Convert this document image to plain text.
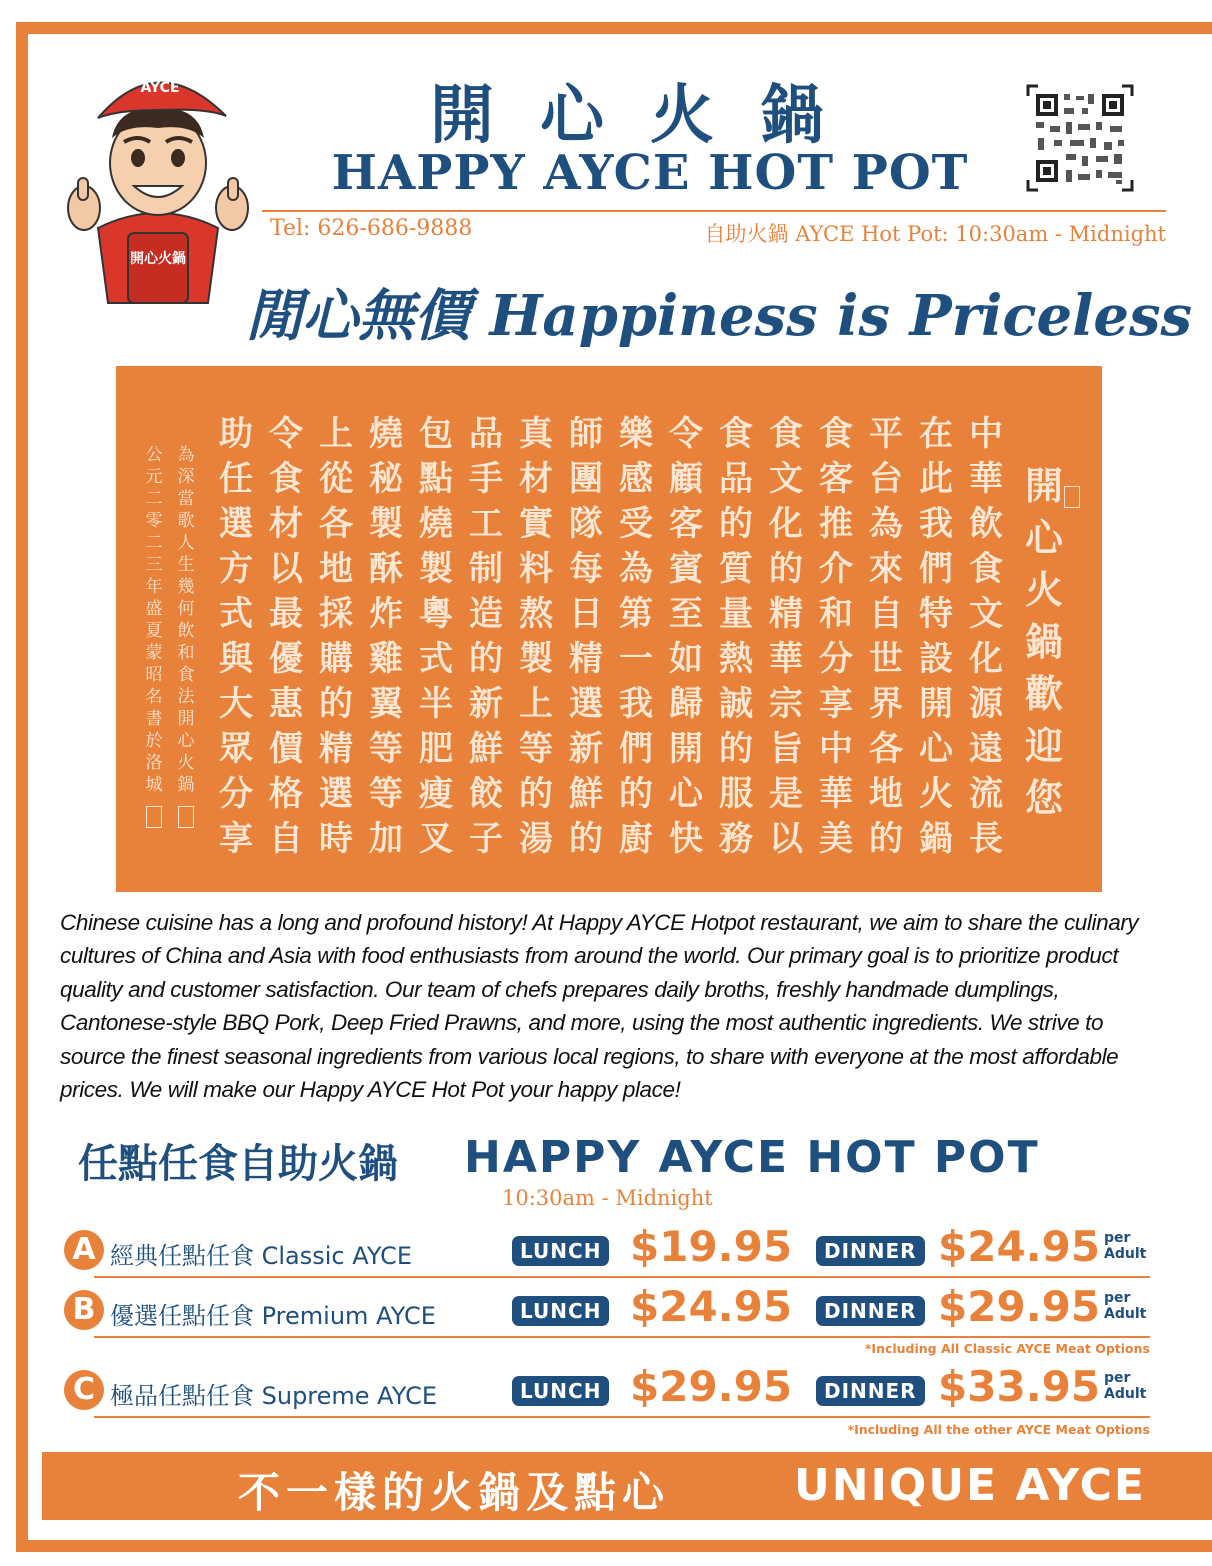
開心火鍋
AYCE	開心火鍋
HAPPY AYCE HOT POT
Tel: 626-686-9888	自助火鍋 AYCE Hot Pot: 10:30am - Midnight
閒心無價 Happiness is Priceless
開心火鍋歡迎您
中華飲食文化源遠流長
在此我們特設開心火鍋
平台為來自世界各地的
食客推介和分享中華美
食文化的精華宗旨是以
食品的質量熱誠的服務
令顧客賓至如歸開心快
樂感受為第一我們的廚
師團隊每日精選新鮮的
真材實料熬製上等的湯
品手工制造的新鮮餃子
包點燒製粵式半肥瘦叉
燒秘製酥炸雞翼等等加
上從各地採購的精選時
令食材以最優惠價格自
助任選方式與大眾分享
為深當歌人生幾何飲和食法開心火鍋
公元二零二三年盛夏蒙昭名書於洛城
Chinese cuisine has a long and profound history! At Happy AYCE Hotpot restaurant, we aim to share the culinary cultures of China and Asia with food enthusiasts from around the world. Our primary goal is to prioritize product quality and customer satisfaction. Our team of chefs prepares daily broths, freshly handmade dumplings, Cantonese-style BBQ Pork, Deep Fried Prawns, and more, using the most authentic ingredients. We strive to source the finest seasonal ingredients from various local regions, to share with everyone at the most affordable prices. We will make our Happy AYCE Hot Pot your happy place!
任點任食自助火鍋 HAPPY AYCE HOT POT
10:30am - Midnight
A 經典任點任食 Classic AYCE	LUNCH $19.95	DINNER $24.95 per
Adult
B 優選任點任食 Premium AYCE	LUNCH $24.95	DINNER $29.95 per
Adult
*Including All Classic AYCE Meat Options
C 極品任點任食 Supreme AYCE	LUNCH $29.95	DINNER $33.95 per
Adult
*Including All the other AYCE Meat Options
不一樣的火鍋及點心	UNIQUE AYCE
